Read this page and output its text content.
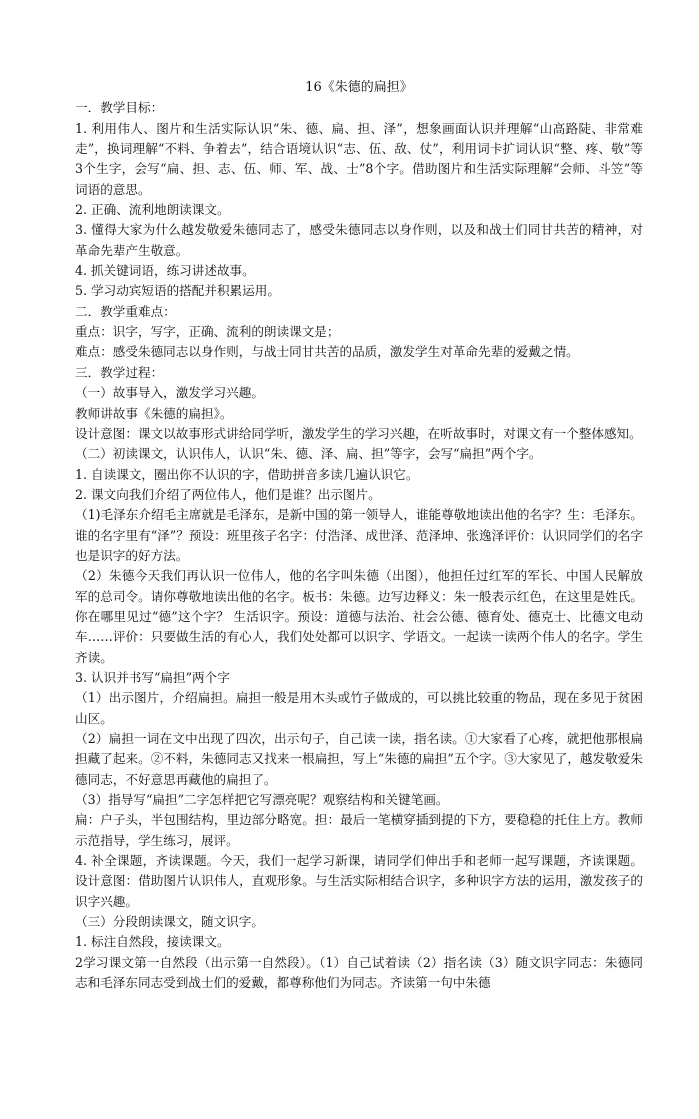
16《朱德的扁担》

一．教学目标：

1. 利用伟人、图片和生活实际认识“朱、德、扁、担、泽”，想象画面认识并理解“山高路陡、非常难走”，换词理解“不料、争着去”，结合语境认识“志、伍、敌、仗”，利用词卡扩词认识“整、疼、敬”等3个生字，会写“扁、担、志、伍、师、军、战、士”8个字。借助图片和生活实际理解“会师、斗笠”等词语的意思。

2. 正确、流利地朗读课文。

3. 懂得大家为什么越发敬爱朱德同志了，感受朱德同志以身作则，以及和战士们同甘共苦的精神，对革命先辈产生敬意。

4. 抓关键词语，练习讲述故事。

5. 学习动宾短语的搭配并积累运用。

二．教学重难点：

重点：识字，写字，正确、流利的朗读课文是；

难点：感受朱德同志以身作则，与战士同甘共苦的品质，激发学生对革命先辈的爱戴之情。

三．教学过程：

（一）故事导入，激发学习兴趣。

教师讲故事《朱德的扁担》。

设计意图：课文以故事形式讲给同学听，激发学生的学习兴趣，在听故事时，对课文有一个整体感知。

（二）初读课文，认识伟人，认识“朱、德、泽、扁、担”等字，会写“扁担”两个字。

1. 自读课文，圈出你不认识的字，借助拼音多读几遍认识它。

2. 课文向我们介绍了两位伟人，他们是谁？出示图片。

（1)毛泽东介绍毛主席就是毛泽东，是新中国的第一领导人，谁能尊敬地读出他的名字？生：毛泽东。谁的名字里有“泽”？预设：班里孩子名字：付浩泽、成世泽、范泽坤、张逸泽评价：认识同学们的名字也是识字的好方法。

（2）朱德今天我们再认识一位伟人，他的名字叫朱德（出图），他担任过红军的军长、中国人民解放军的总司令。请你尊敬地读出他的名字。板书：朱德。边写边释义：朱一般表示红色，在这里是姓氏。你在哪里见过“德”这个字？ 生活识字。预设：道德与法治、社会公德、德育处、德克士、比德文电动车……评价：只要做生活的有心人，我们处处都可以识字、学语文。一起读一读两个伟人的名字。学生齐读。

3. 认识并书写“扁担”两个字

（1）出示图片，介绍扁担。扁担一般是用木头或竹子做成的，可以挑比较重的物品，现在多见于贫困山区。

（2）扁担一词在文中出现了四次，出示句子，自己读一读，指名读。①大家看了心疼，就把他那根扁担藏了起来。②不料，朱德同志又找来一根扁担，写上“朱德的扁担”五个字。③大家见了，越发敬爱朱德同志，不好意思再藏他的扁担了。

（3）指导写“扁担”二字怎样把它写漂亮呢？观察结构和关键笔画。

扁：户子头，半包围结构，里边部分略宽。担：最后一笔横穿插到提的下方，要稳稳的托住上方。教师示范指导，学生练习，展评。

4. 补全课题，齐读课题。今天，我们一起学习新课，请同学们伸出手和老师一起写课题，齐读课题。设计意图：借助图片认识伟人，直观形象。与生活实际相结合识字，多种识字方法的运用，激发孩子的识字兴趣。

（三）分段朗读课文，随文识字。

1. 标注自然段，接读课文。

2学习课文第一自然段（出示第一自然段）。（1）自己试着读（2）指名读（3）随文识字同志：朱德同志和毛泽东同志受到战士们的爱戴，都尊称他们为同志。齐读第一句中朱德
